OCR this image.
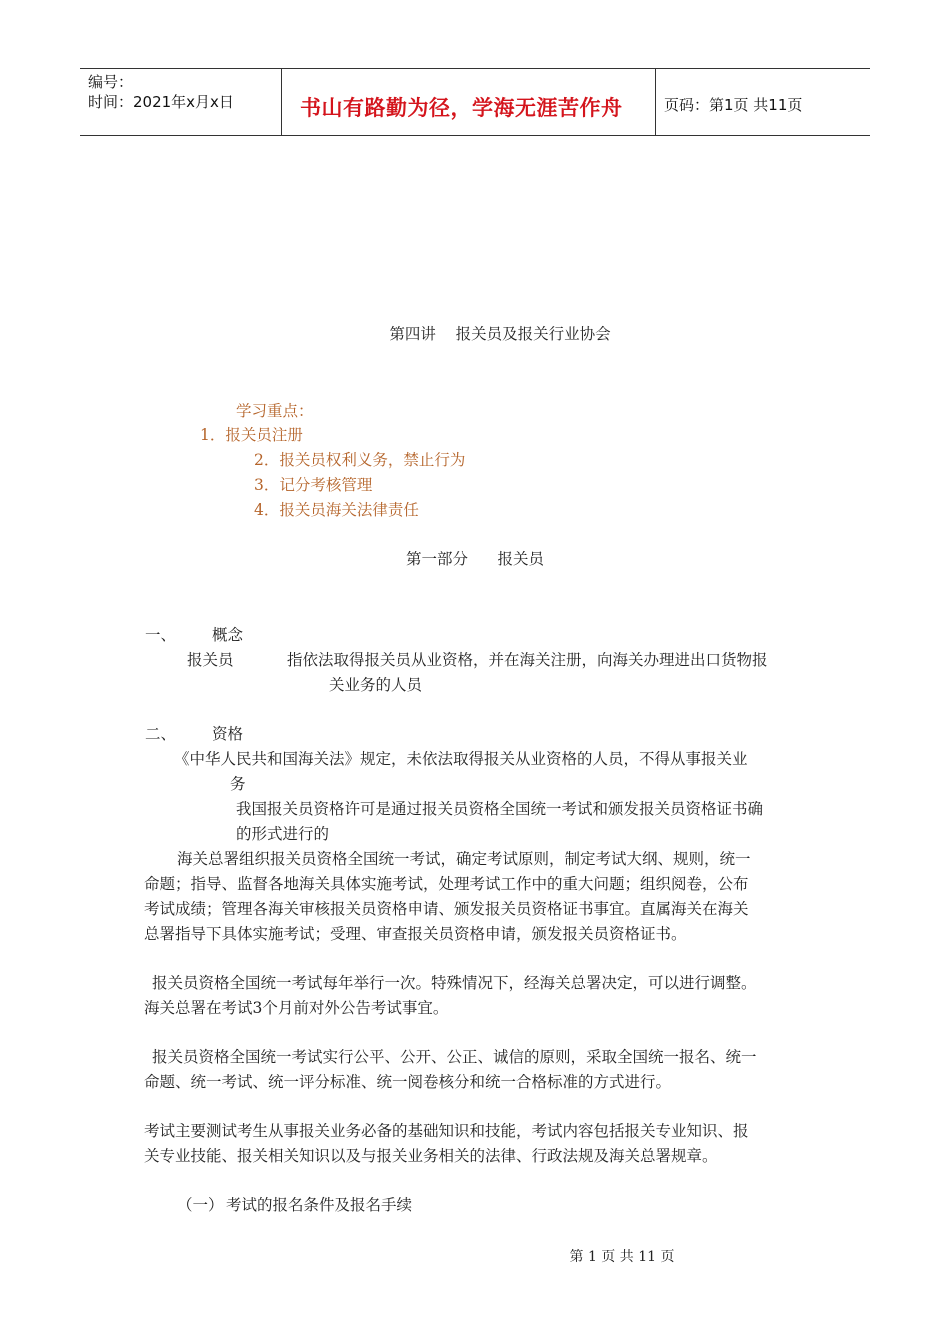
编号：
时间：2021年x月x日	书山有路勤为径，学海无涯苦作舟	页码：第1页 共11页
第四讲    报关员及报关行业协会
学习重点：
1．报关员注册
2．报关员权利义务，禁止行为
3．记分考核管理
4．报关员海关法律责任
第一部分      报关员
一、 概念
报关员	指依法取得报关员从业资格，并在海关注册，向海关办理进出口货物报
关业务的人员
二、 资格
《中华人民共和国海关法》规定，未依法取得报关从业资格的人员，不得从事报关业
务
我国报关员资格许可是通过报关员资格全国统一考试和颁发报关员资格证书确
的形式进行的
海关总署组织报关员资格全国统一考试，确定考试原则，制定考试大纲、规则，统一
命题；指导、监督各地海关具体实施考试，处理考试工作中的重大问题；组织阅卷，公布
考试成绩；管理各海关审核报关员资格申请、颁发报关员资格证书事宜。直属海关在海关
总署指导下具体实施考试；受理、审查报关员资格申请，颁发报关员资格证书。
报关员资格全国统一考试每年举行一次。特殊情况下，经海关总署决定，可以进行调整。
海关总署在考试3个月前对外公告考试事宜。
报关员资格全国统一考试实行公平、公开、公正、诚信的原则，采取全国统一报名、统一
命题、统一考试、统一评分标准、统一阅卷核分和统一合格标准的方式进行。
考试主要测试考生从事报关业务必备的基础知识和技能，考试内容包括报关专业知识、报
关专业技能、报关相关知识以及与报关业务相关的法律、行政法规及海关总署规章。
（一） 考试的报名条件及报名手续
第 1 页 共 11 页
